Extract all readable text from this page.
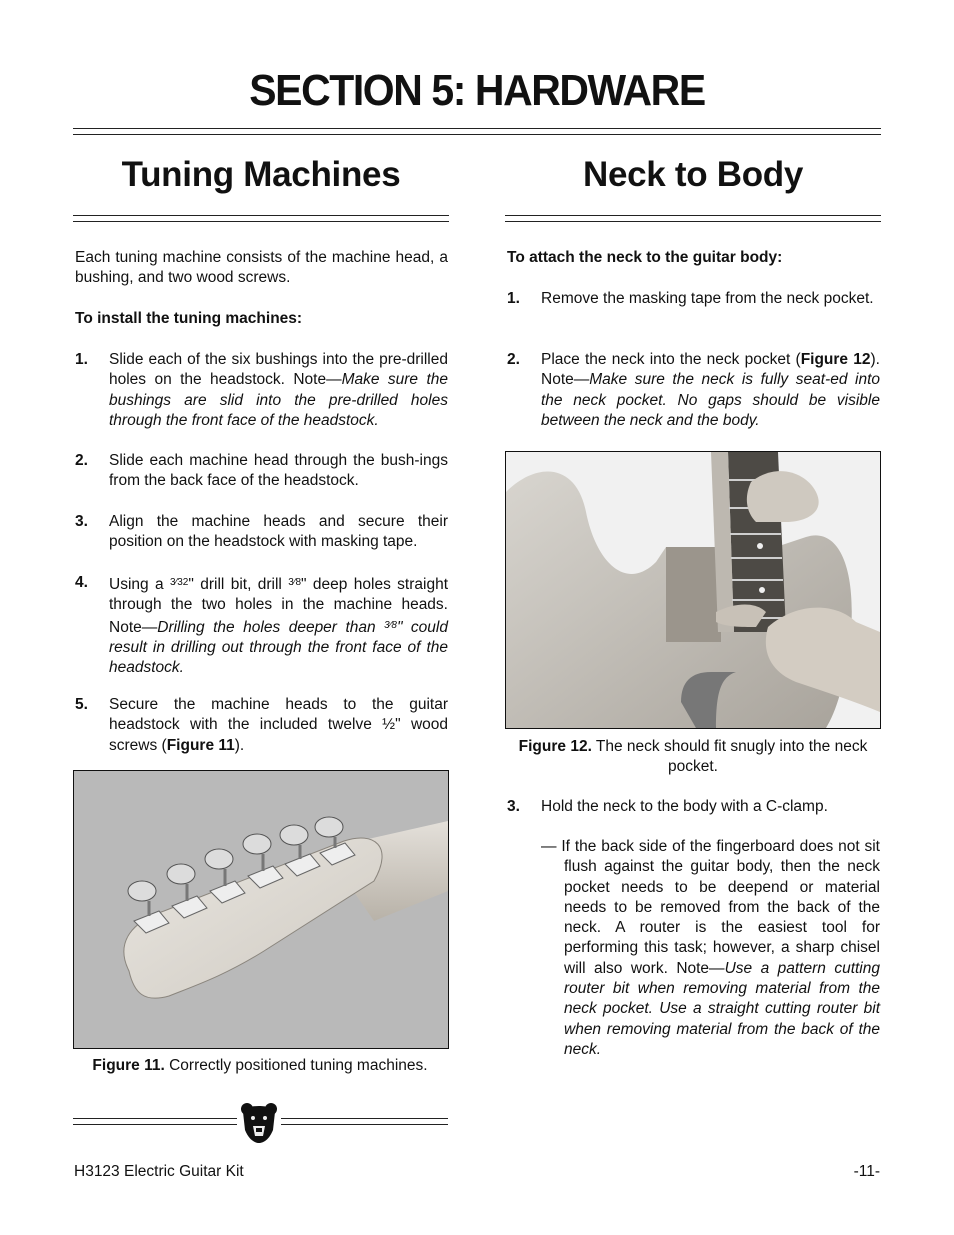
SECTION 5: HARDWARE
Tuning Machines
Each tuning machine consists of the machine head, a bushing, and two wood screws.
To install the tuning machines:
1. Slide each of the six bushings into the pre-drilled holes on the headstock. Note—Make sure the bushings are slid into the pre-drilled holes through the front face of the headstock.
2. Slide each machine head through the bush-ings from the back face of the headstock.
3. Align the machine heads and secure their position on the headstock with masking tape.
4. Using a $^{3⁄32}$" drill bit, drill $^{3⁄8}$" deep holes straight through the two holes in the machine heads. Note—Drilling the holes deeper than $^{3⁄8}$" could result in drilling out through the front face of the headstock.
5. Secure the machine heads to the guitar headstock with the included twelve ½" wood screws (Figure 11).
Figure 11. Correctly positioned tuning machines.
Neck to Body
To attach the neck to the guitar body:
1. Remove the masking tape from the neck pocket.
2. Place the neck into the neck pocket (Figure 12). Note—Make sure the neck is fully seat-ed into the neck pocket. No gaps should be visible between the neck and the body.
Figure 12. The neck should fit snugly into the neck pocket.
3. Hold the neck to the body with a C-clamp.
— If the back side of the fingerboard does not sit flush against the guitar body, then the neck pocket needs to be deepend or material needs to be removed from the back of the neck. A router is the easiest tool for performing this task; however, a sharp chisel will also work. Note—Use a pattern cutting router bit when removing material from the neck pocket. Use a straight cutting router bit when removing material from the back of the neck.
H3123 Electric Guitar Kit	-11-
